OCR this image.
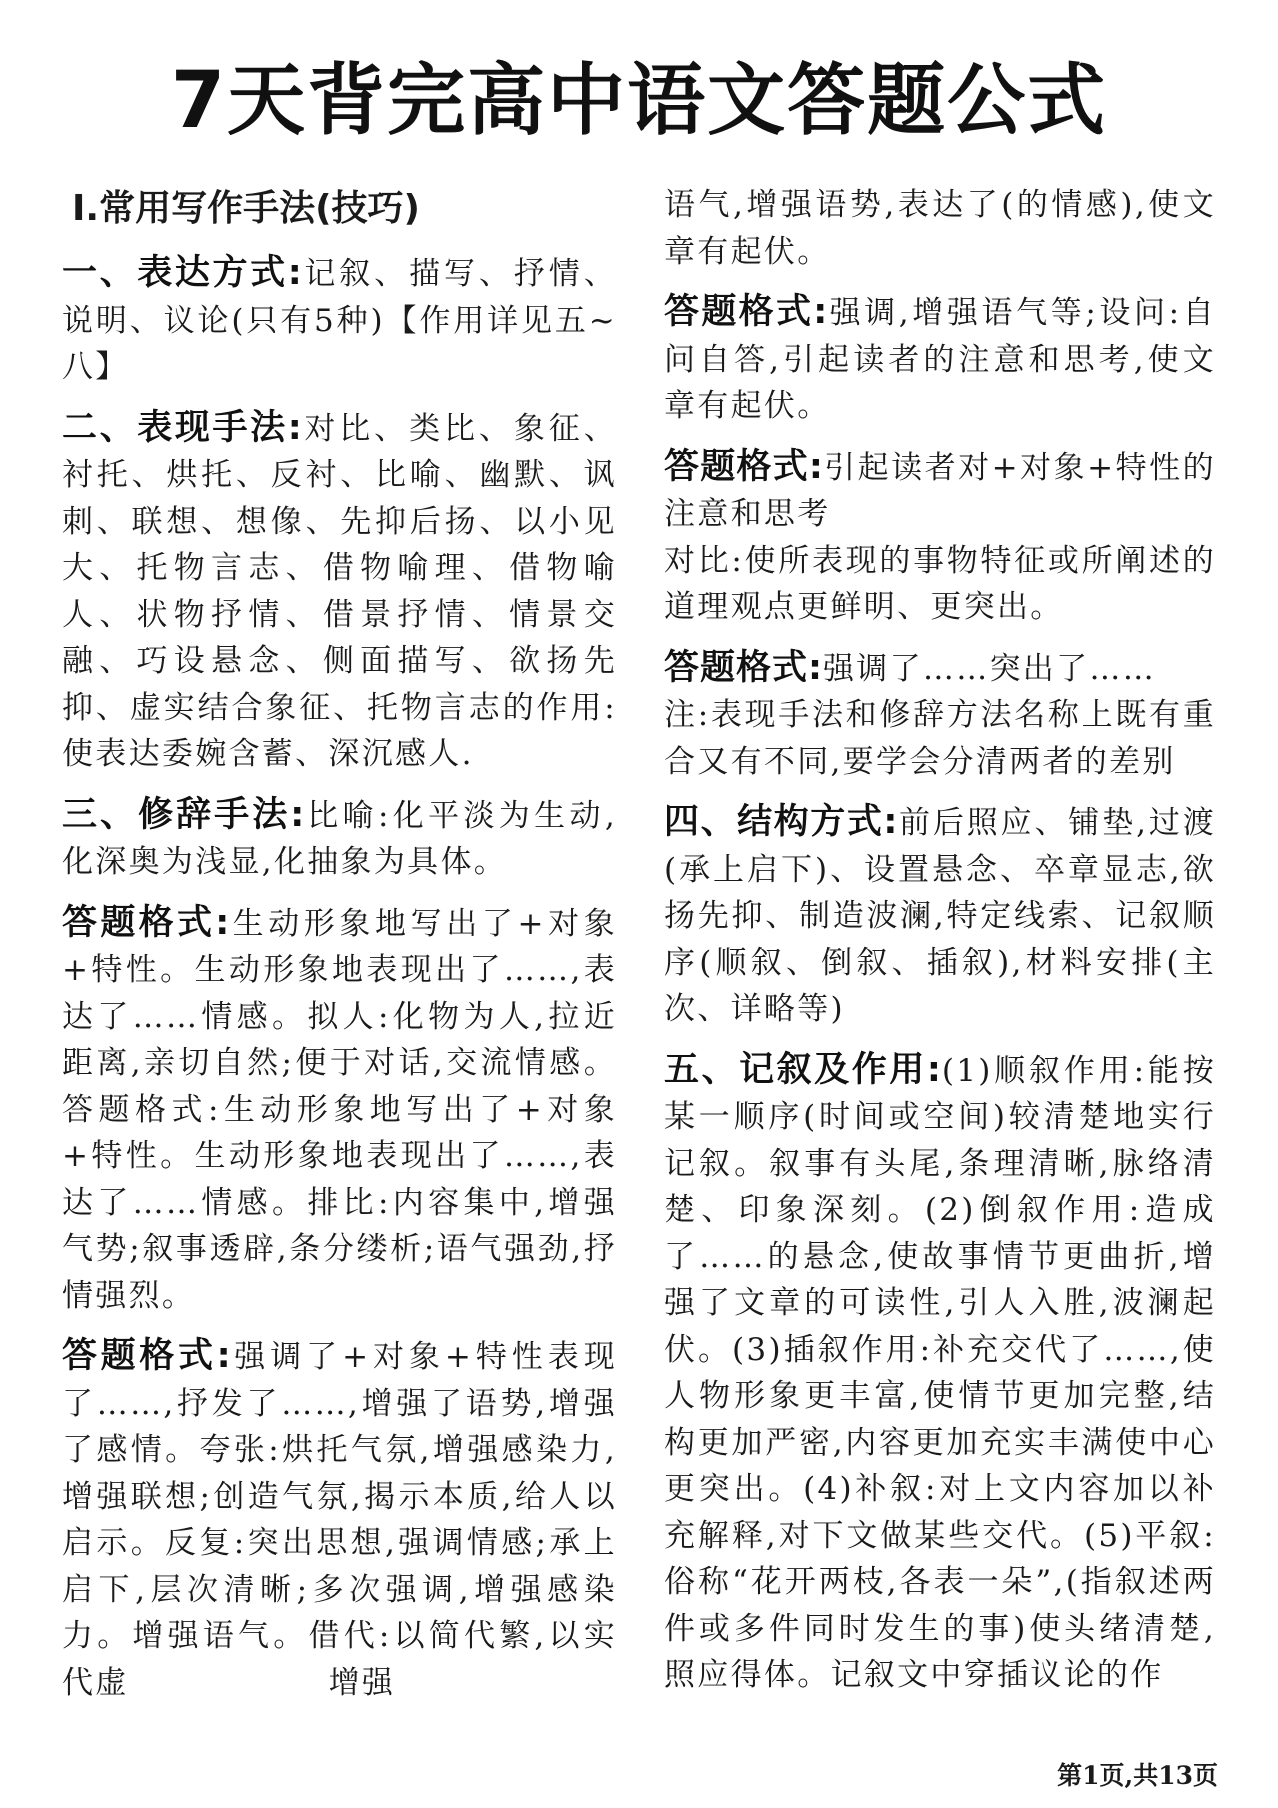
7天背完高中语文答题公式
Ⅰ.常用写作手法(技巧)

一、表达方式:记叙、描写、抒情、说明、议论(只有5种)【作用详见五~八】

二、表现手法:对比、类比、象征、衬托、烘托、反衬、比喻、幽默、讽刺、联想、想像、先抑后扬、以小见大、托物言志、借物喻理、借物喻人、状物抒情、借景抒情、情景交融、巧设悬念、侧面描写、欲扬先抑、虚实结合象征、托物言志的作用:使表达委婉含蓄、深沉感人.

三、修辞手法:比喻:化平淡为生动,化深奥为浅显,化抽象为具体。

答题格式:生动形象地写出了+对象+特性。生动形象地表现出了……,表达了……情感。拟人:化物为人,拉近距离,亲切自然;便于对话,交流情感。答题格式:生动形象地写出了+对象+特性。生动形象地表现出了……,表达了……情感。排比:内容集中,增强气势;叙事透辟,条分缕析;语气强劲,抒情强烈。

答题格式:强调了+对象+特性表现了……,抒发了……,增强了语势,增强了感情。夸张:烘托气氛,增强感染力,增强联想;创造气氛,揭示本质,给人以启示。反复:突出思想,强调情感;承上启下,层次清晰;多次强调,增强感染力。增强语气。借代:以简代繁,以实代虚	增强

语气,增强语势,表达了(的情感),使文章有起伏。

答题格式:强调,增强语气等;设问:自问自答,引起读者的注意和思考,使文章有起伏。

答题格式:引起读者对+对象+特性的注意和思考
对比:使所表现的事物特征或所阐述的道理观点更鲜明、更突出。

答题格式:强调了……突出了……
注:表现手法和修辞方法名称上既有重合又有不同,要学会分清两者的差别

四、结构方式:前后照应、铺垫,过渡(承上启下)、设置悬念、卒章显志,欲扬先抑、制造波澜,特定线索、记叙顺序(顺叙、倒叙、插叙),材料安排(主次、详略等)

五、记叙及作用:(1)顺叙作用:能按某一顺序(时间或空间)较清楚地实行记叙。叙事有头尾,条理清晰,脉络清楚、印象深刻。(2)倒叙作用:造成了……的悬念,使故事情节更曲折,增强了文章的可读性,引人入胜,波澜起伏。(3)插叙作用:补充交代了……,使人物形象更丰富,使情节更加完整,结构更加严密,内容更加充实丰满使中心更突出。(4)补叙:对上文内容加以补充解释,对下文做某些交代。(5)平叙:俗称“花开两枝,各表一朵”,(指叙述两件或多件同时发生的事)使头绪清楚,照应得体。记叙文中穿插议论的作

第1页,共13页
